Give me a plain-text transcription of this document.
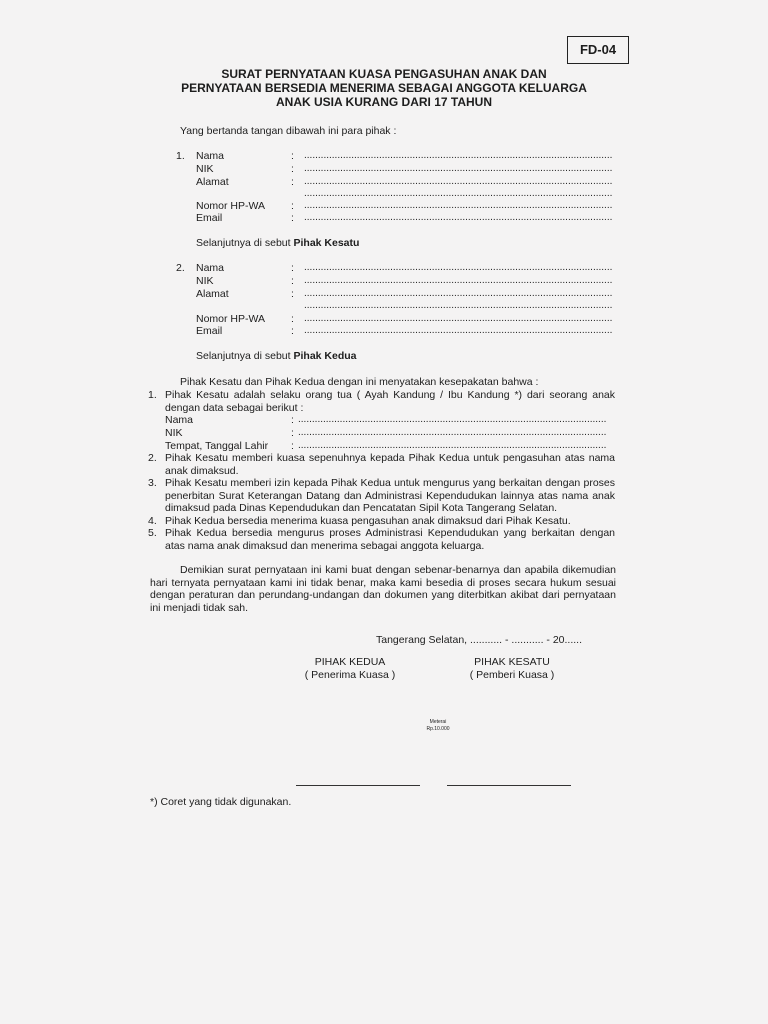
FD-04
SURAT PERNYATAAN KUASA PENGASUHAN ANAK DAN
PERNYATAAN BERSEDIA MENERIMA SEBAGAI ANGGOTA KELUARGA
ANAK USIA KURANG DARI 17 TAHUN
Yang bertanda tangan dibawah ini para pihak :
1. Nama
NIK
Alamat
Nomor HP-WA
Email
:
:
:
:
:
...............................................................................................................
...............................................................................................................
...............................................................................................................
...............................................................................................................
...............................................................................................................
...............................................................................................................
Selanjutnya di sebut Pihak Kesatu
2. Nama
NIK
Alamat
Nomor HP-WA
Email
:
:
:
:
:
...............................................................................................................
...............................................................................................................
...............................................................................................................
...............................................................................................................
...............................................................................................................
...............................................................................................................
Selanjutnya di sebut Pihak Kedua
Pihak Kesatu dan Pihak Kedua dengan ini menyatakan kesepakatan bahwa :
1. Pihak Kesatu adalah selaku orang tua ( Ayah Kandung / Ibu Kandung *) dari seorang anak dengan data sebagai berikut :
Nama
NIK
Tempat, Tanggal Lahir
:
:
:
...............................................................................................................
...............................................................................................................
...............................................................................................................
2. Pihak Kesatu memberi kuasa sepenuhnya kepada Pihak Kedua untuk pengasuhan atas nama anak dimaksud.
3. Pihak Kesatu memberi izin kepada Pihak Kedua untuk mengurus yang berkaitan dengan proses penerbitan Surat Keterangan Datang dan Administrasi Kependudukan lainnya atas nama anak dimaksud pada Dinas Kependudukan dan Pencatatan Sipil Kota Tangerang Selatan.
4. Pihak Kedua bersedia menerima kuasa pengasuhan anak dimaksud dari Pihak Kesatu.
5. Pihak Kedua bersedia mengurus proses Administrasi Kependudukan yang berkaitan dengan atas nama anak dimaksud dan menerima sebagai anggota keluarga.
Demikian surat pernyataan ini kami buat dengan sebenar-benarnya dan apabila dikemudian hari ternyata pernyataan kami ini tidak benar, maka kami besedia di proses secara hukum sesuai dengan peraturan dan perundang-undangan dan dokumen yang diterbitkan akibat dari pernyataan ini menjadi tidak sah.
Tangerang Selatan, ........... - ........... - 20......
PIHAK KEDUA
( Penerima Kuasa )
PIHAK KESATU
( Pemberi Kuasa )
Meterai
Rp.10.000
*) Coret yang tidak digunakan.
